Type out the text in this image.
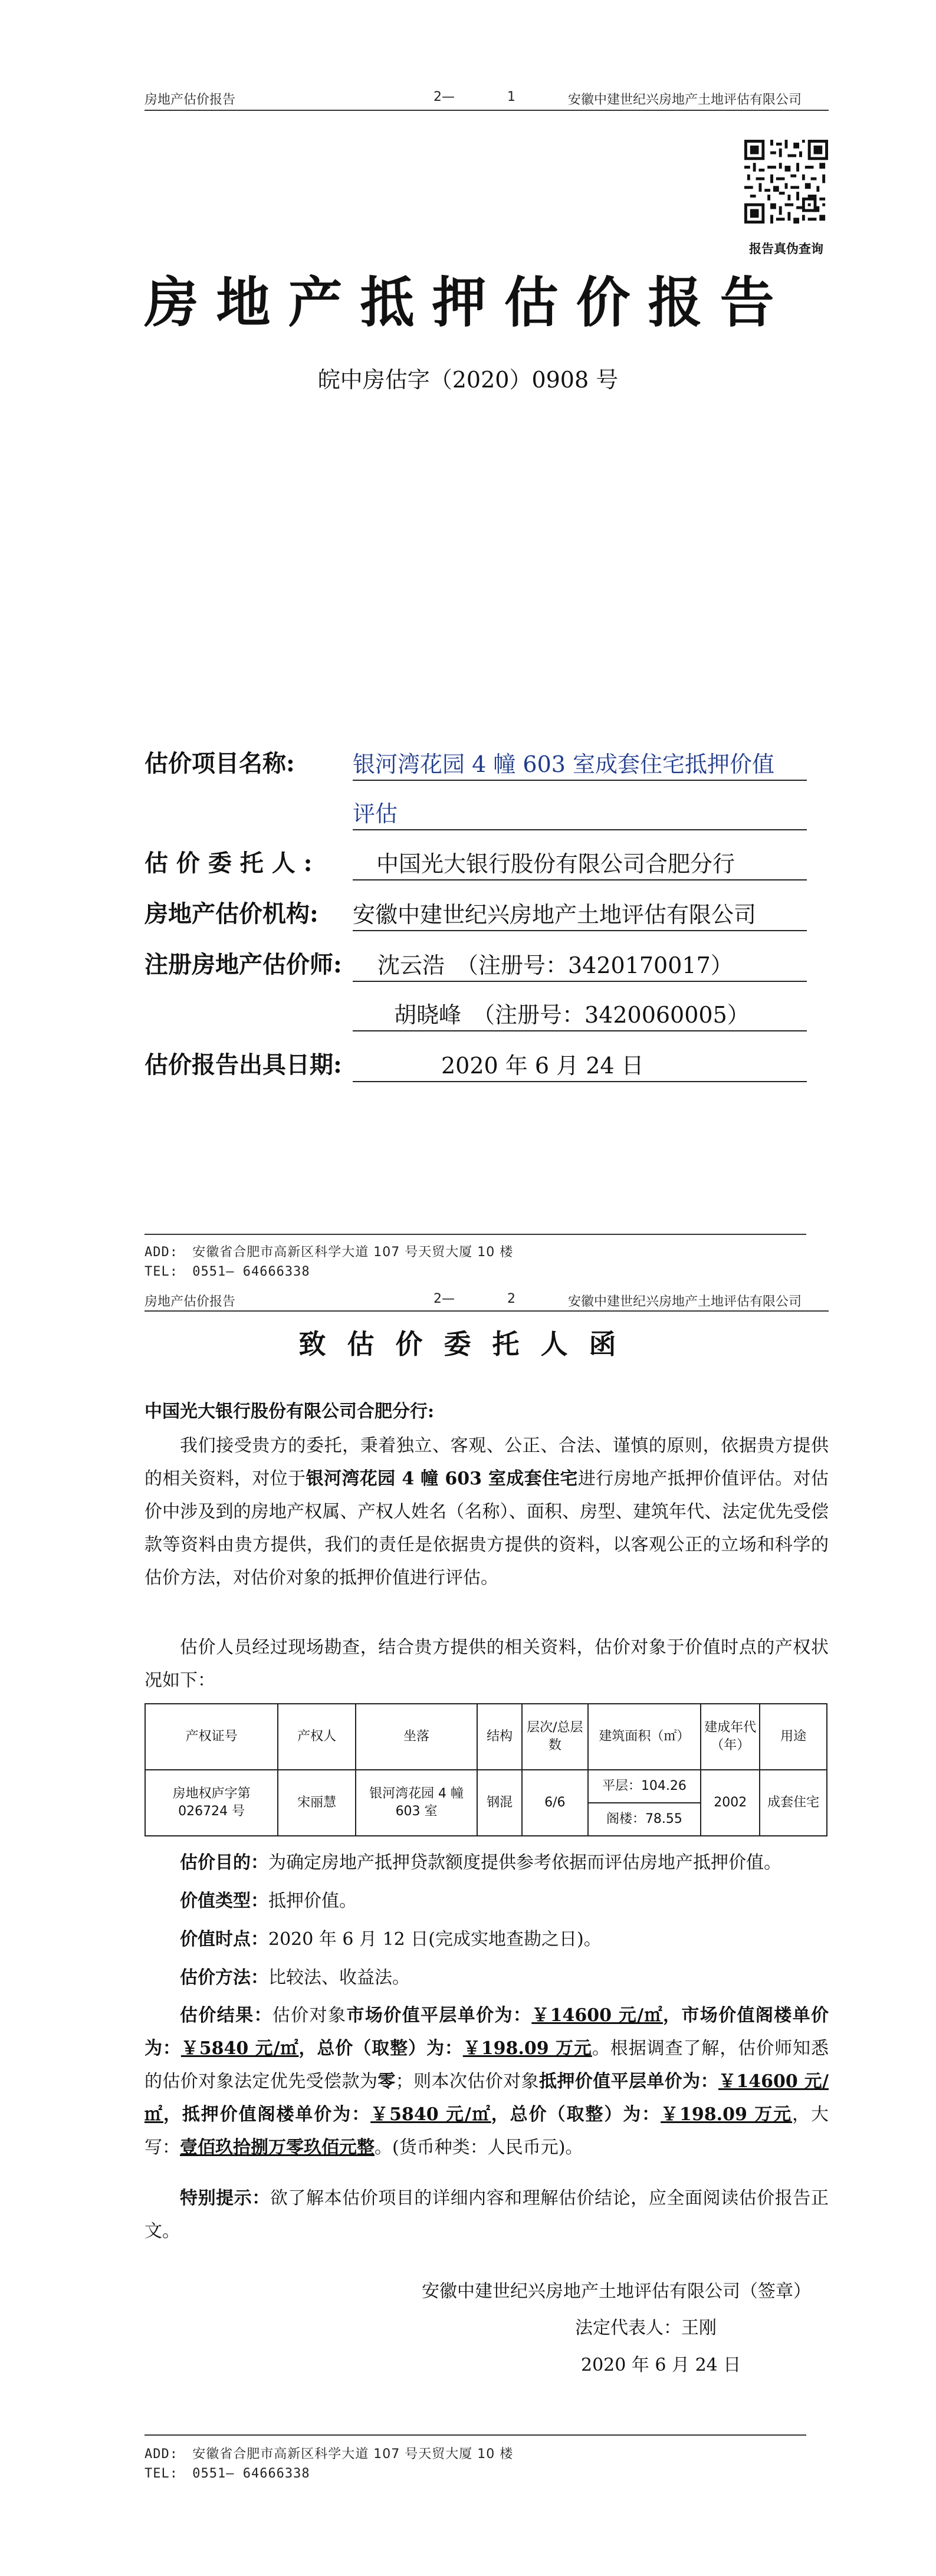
房地产估价报告	2—	1	安徽中建世纪兴房地产土地评估有限公司
报告真伪查询
房地产抵押估价报告
皖中房估字（2020）0908 号
估价项目名称:	银河湾花园 4 幢 603 室成套住宅抵押价值
评估
估 价 委 托 人 :	中国光大银行股份有限公司合肥分行
房地产估价机构: 安徽中建世纪兴房地产土地评估有限公司
注册房地产估价师:	沈云浩　（注册号：3420170017）
胡晓峰　（注册号：3420060005）
估价报告出具日期:	2020 年 6 月 24 日
ADD: 安徽省合肥市高新区科学大道 107 号天贸大厦 10 楼
TEL: 0551— 64666338
房地产估价报告	2—	2	安徽中建世纪兴房地产土地评估有限公司
致估价委托人函
中国光大银行股份有限公司合肥分行:
我们接受贵方的委托，秉着独立、客观、公正、合法、谨慎的原则，依据贵方提供的相关资料，对位于银河湾花园 4 幢 603 室成套住宅进行房地产抵押价值评估。对估价中涉及到的房地产权属、产权人姓名（名称）、面积、房型、建筑年代、法定优先受偿款等资料由贵方提供，我们的责任是依据贵方提供的资料，以客观公正的立场和科学的估价方法，对估价对象的抵押价值进行评估。
估价人员经过现场勘查，结合贵方提供的相关资料，估价对象于价值时点的产权状况如下：
产权证号	产权人	坐落	结构	层次/总层数	建筑面积（㎡）	建成年代（年）	用途
房地权庐字第 026724 号	宋丽慧	银河湾花园 4 幢 603 室	钢混	6/6	平层：104.26	2002	成套住宅
					阁楼：78.55		
估价目的：为确定房地产抵押贷款额度提供参考依据而评估房地产抵押价值。
价值类型：抵押价值。
价值时点：2020 年 6 月 12 日(完成实地查勘之日)。
估价方法：比较法、收益法。
估价结果：估价对象市场价值平层单价为：￥14600 元/㎡，市场价值阁楼单价为：￥5840 元/㎡，总价（取整）为：￥198.09 万元。根据调查了解，估价师知悉的估价对象法定优先受偿款为零；则本次估价对象抵押价值平层单价为：￥14600 元/㎡，抵押价值阁楼单价为：￥5840 元/㎡，总价（取整）为：￥198.09 万元，大写：壹佰玖拾捌万零玖佰元整。(货币种类：人民币元)。
特别提示：欲了解本估价项目的详细内容和理解估价结论，应全面阅读估价报告正文。
安徽中建世纪兴房地产土地评估有限公司（签章）
法定代表人：王刚
2020 年 6 月 24 日
ADD: 安徽省合肥市高新区科学大道 107 号天贸大厦 10 楼
TEL: 0551— 64666338
